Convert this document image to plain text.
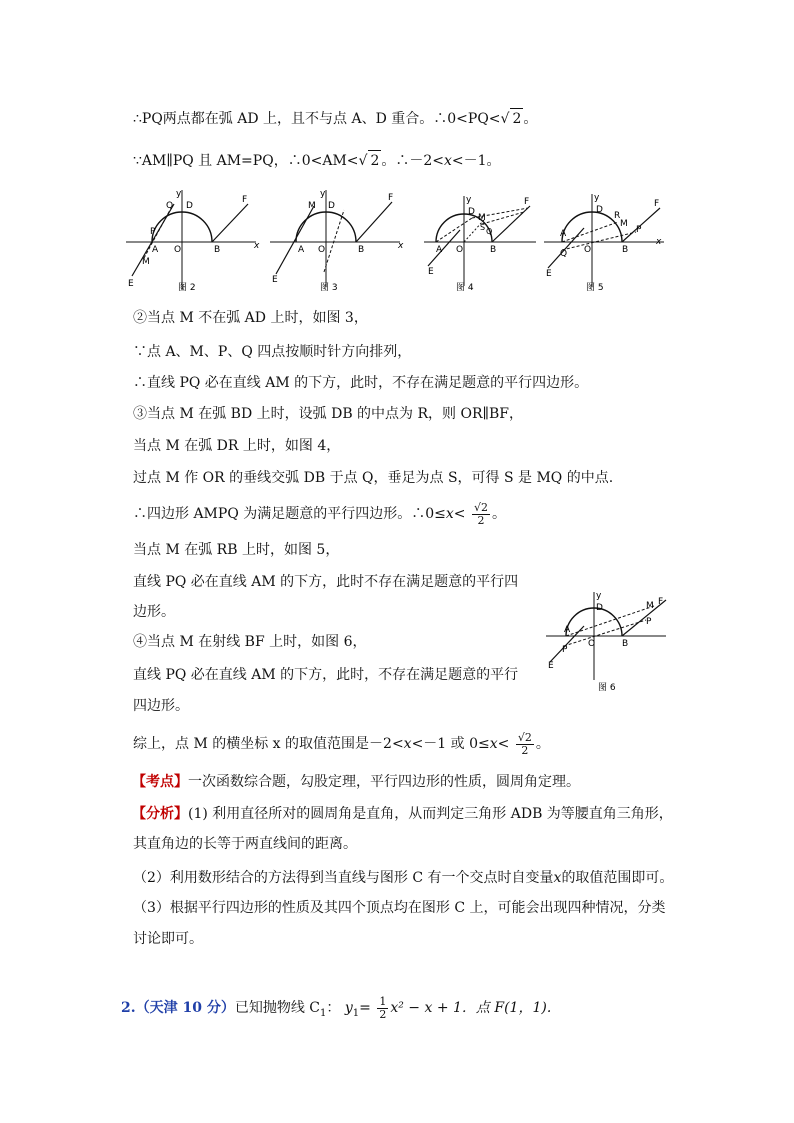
∴PQ两点都在弧 AD 上，且不与点 A、D 重合。∴0<PQ<√ 2 。
∵AM∥PQ 且 AM=PQ，∴0<AM<√ 2 。∴－2<x<－1。
y
x
O
A	B
D
Q
P
M
E
F
图 2
y
x
O
A	B
D
M
E
F
图 3
y
O
A	B
D
M
S Q
F
E
图 4
y
O
A
B
D
R
M
P
Q
x
F
E
图 5
②当点 M 不在弧 AD 上时，如图 3，
∵点 A、M、P、Q 四点按顺时针方向排列，
∴直线 PQ 必在直线 AM 的下方，此时，不存在满足题意的平行四边形。
③当点 M 在弧 BD 上时，设弧 DB 的中点为 R，则 OR∥BF，
当点 M 在弧 DR 上时，如图 4，
过点 M 作 OR 的垂线交弧 DB 于点 Q，垂足为点 S，可得 S 是 MQ 的中点.
∴四边形 AMPQ 为满足题意的平行四边形。∴0≤x< $\frac{√2}{2}$ 。
当点 M 在弧 RB 上时，如图 5，
直线 PQ 必在直线 AM 的下方，此时不存在满足题意的平行四
边形。
④当点 M 在射线 BF 上时，如图 6，
直线 PQ 必在直线 AM 的下方，此时，不存在满足题意的平行
四边形。
y
D
O
A
B
M F
P
P
E
图 6
综上，点 M 的横坐标 x 的取值范围是－2<x<－1 或 $0\le x< \frac{√2}{2}$ 。
【考点】一次函数综合题，勾股定理，平行四边形的性质，圆周角定理。
【分析】(1) 利用直径所对的圆周角是直角，从而判定三角形 ADB 为等腰直角三角形，
其直角边的长等于两直线间的距离。
（2）利用数形结合的方法得到当直线与图形 C 有一个交点时自变量x的取值范围即可。
（3）根据平行四边形的性质及其四个顶点均在图形 C 上，可能会出现四种情况，分类
讨论即可。
2.（天津 10 分）已知抛物线 $C_1$： $y_1= \frac{1}{2} x^2 - x + 1$．点 F(1，1).
